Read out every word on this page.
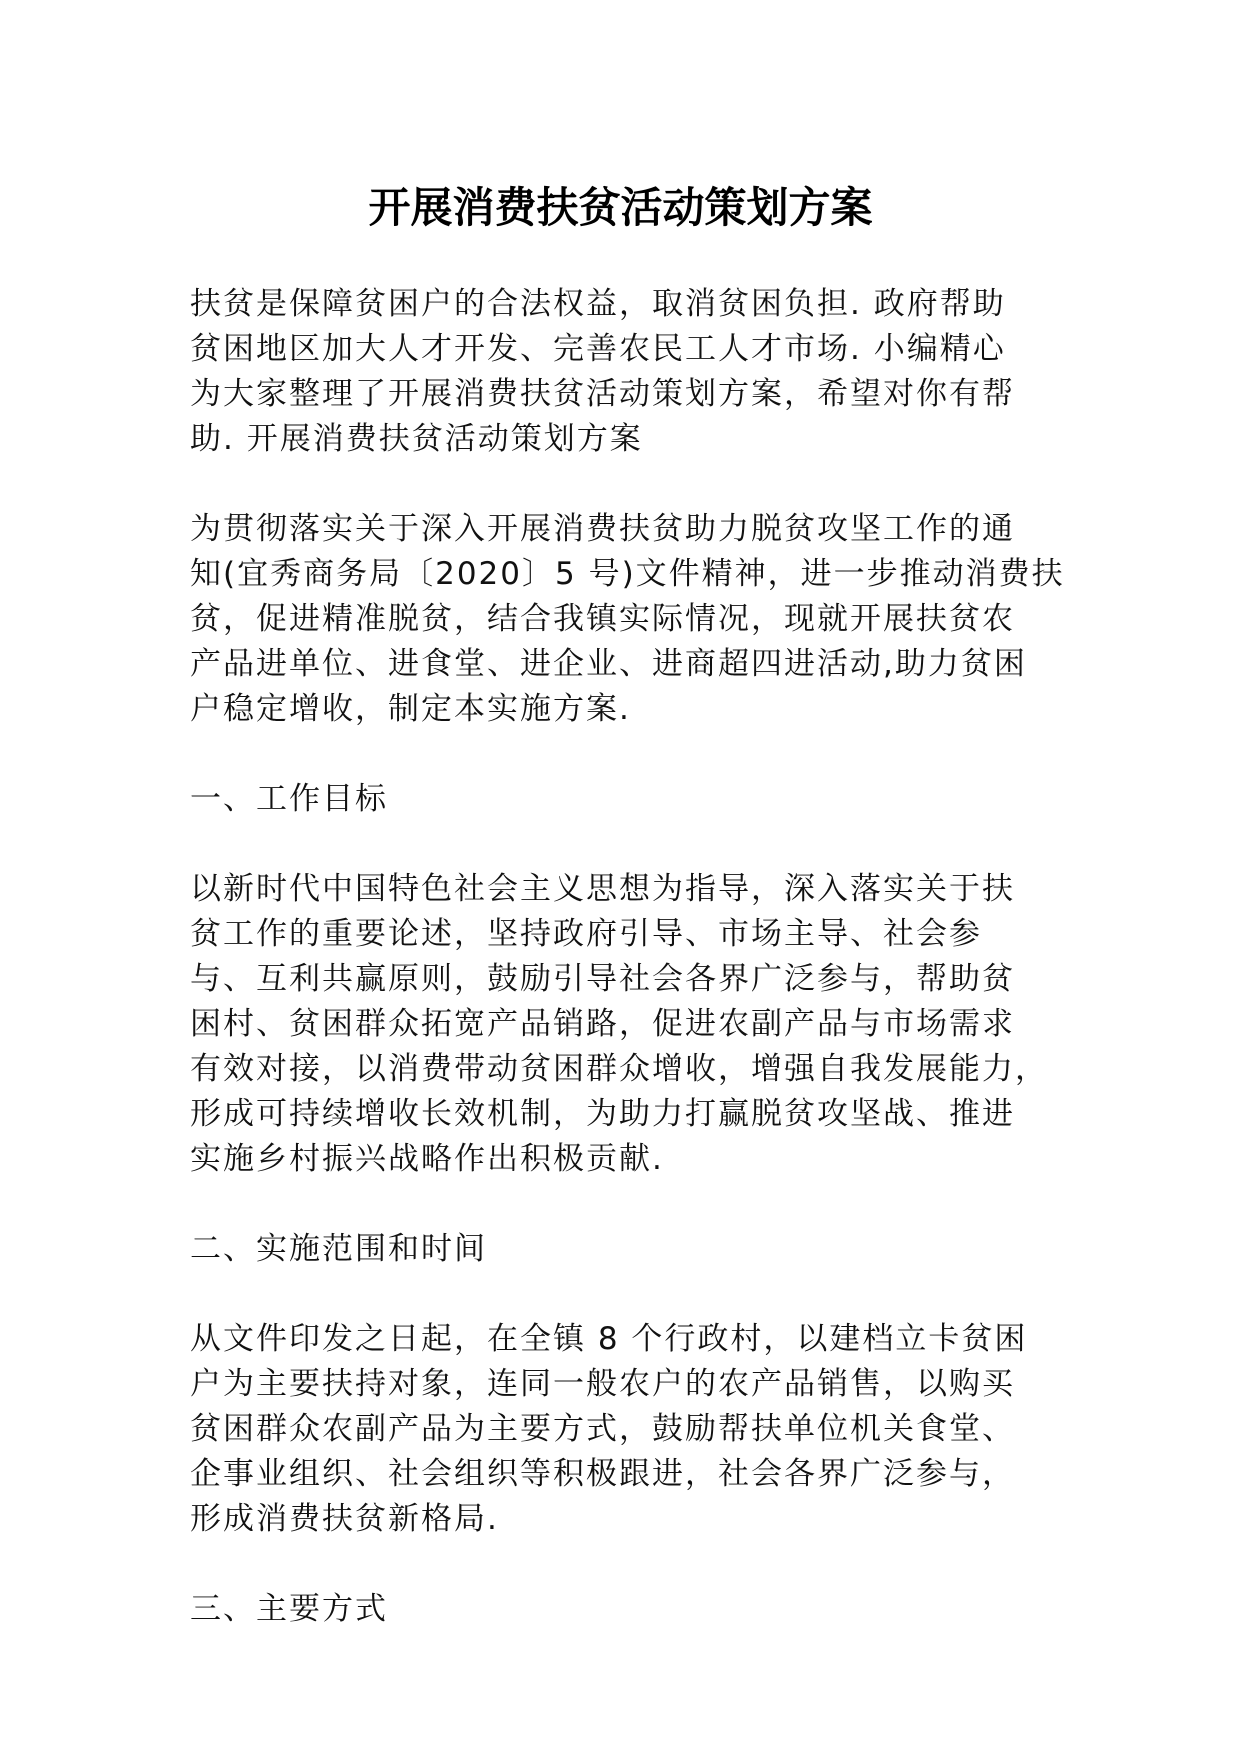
开展消费扶贫活动策划方案
扶贫是保障贫困户的合法权益，取消贫困负担. 政府帮助
贫困地区加大人才开发、完善农民工人才市场. 小编精心
为大家整理了开展消费扶贫活动策划方案，希望对你有帮
助. 开展消费扶贫活动策划方案
为贯彻落实关于深入开展消费扶贫助力脱贫攻坚工作的通
知(宜秀商务局〔2020〕5 号)文件精神，进一步推动消费扶
贫，促进精准脱贫，结合我镇实际情况，现就开展扶贫农
产品进单位、进食堂、进企业、进商超四进活动,助力贫困
户稳定增收，制定本实施方案.
一、工作目标
以新时代中国特色社会主义思想为指导，深入落实关于扶
贫工作的重要论述，坚持政府引导、市场主导、社会参
与、互利共赢原则，鼓励引导社会各界广泛参与，帮助贫
困村、贫困群众拓宽产品销路，促进农副产品与市场需求
有效对接，以消费带动贫困群众增收，增强自我发展能力，
形成可持续增收长效机制，为助力打赢脱贫攻坚战、推进
实施乡村振兴战略作出积极贡献.
二、实施范围和时间
从文件印发之日起，在全镇 8 个行政村，以建档立卡贫困
户为主要扶持对象，连同一般农户的农产品销售，以购买
贫困群众农副产品为主要方式，鼓励帮扶单位机关食堂、
企事业组织、社会组织等积极跟进，社会各界广泛参与，
形成消费扶贫新格局.
三、主要方式
